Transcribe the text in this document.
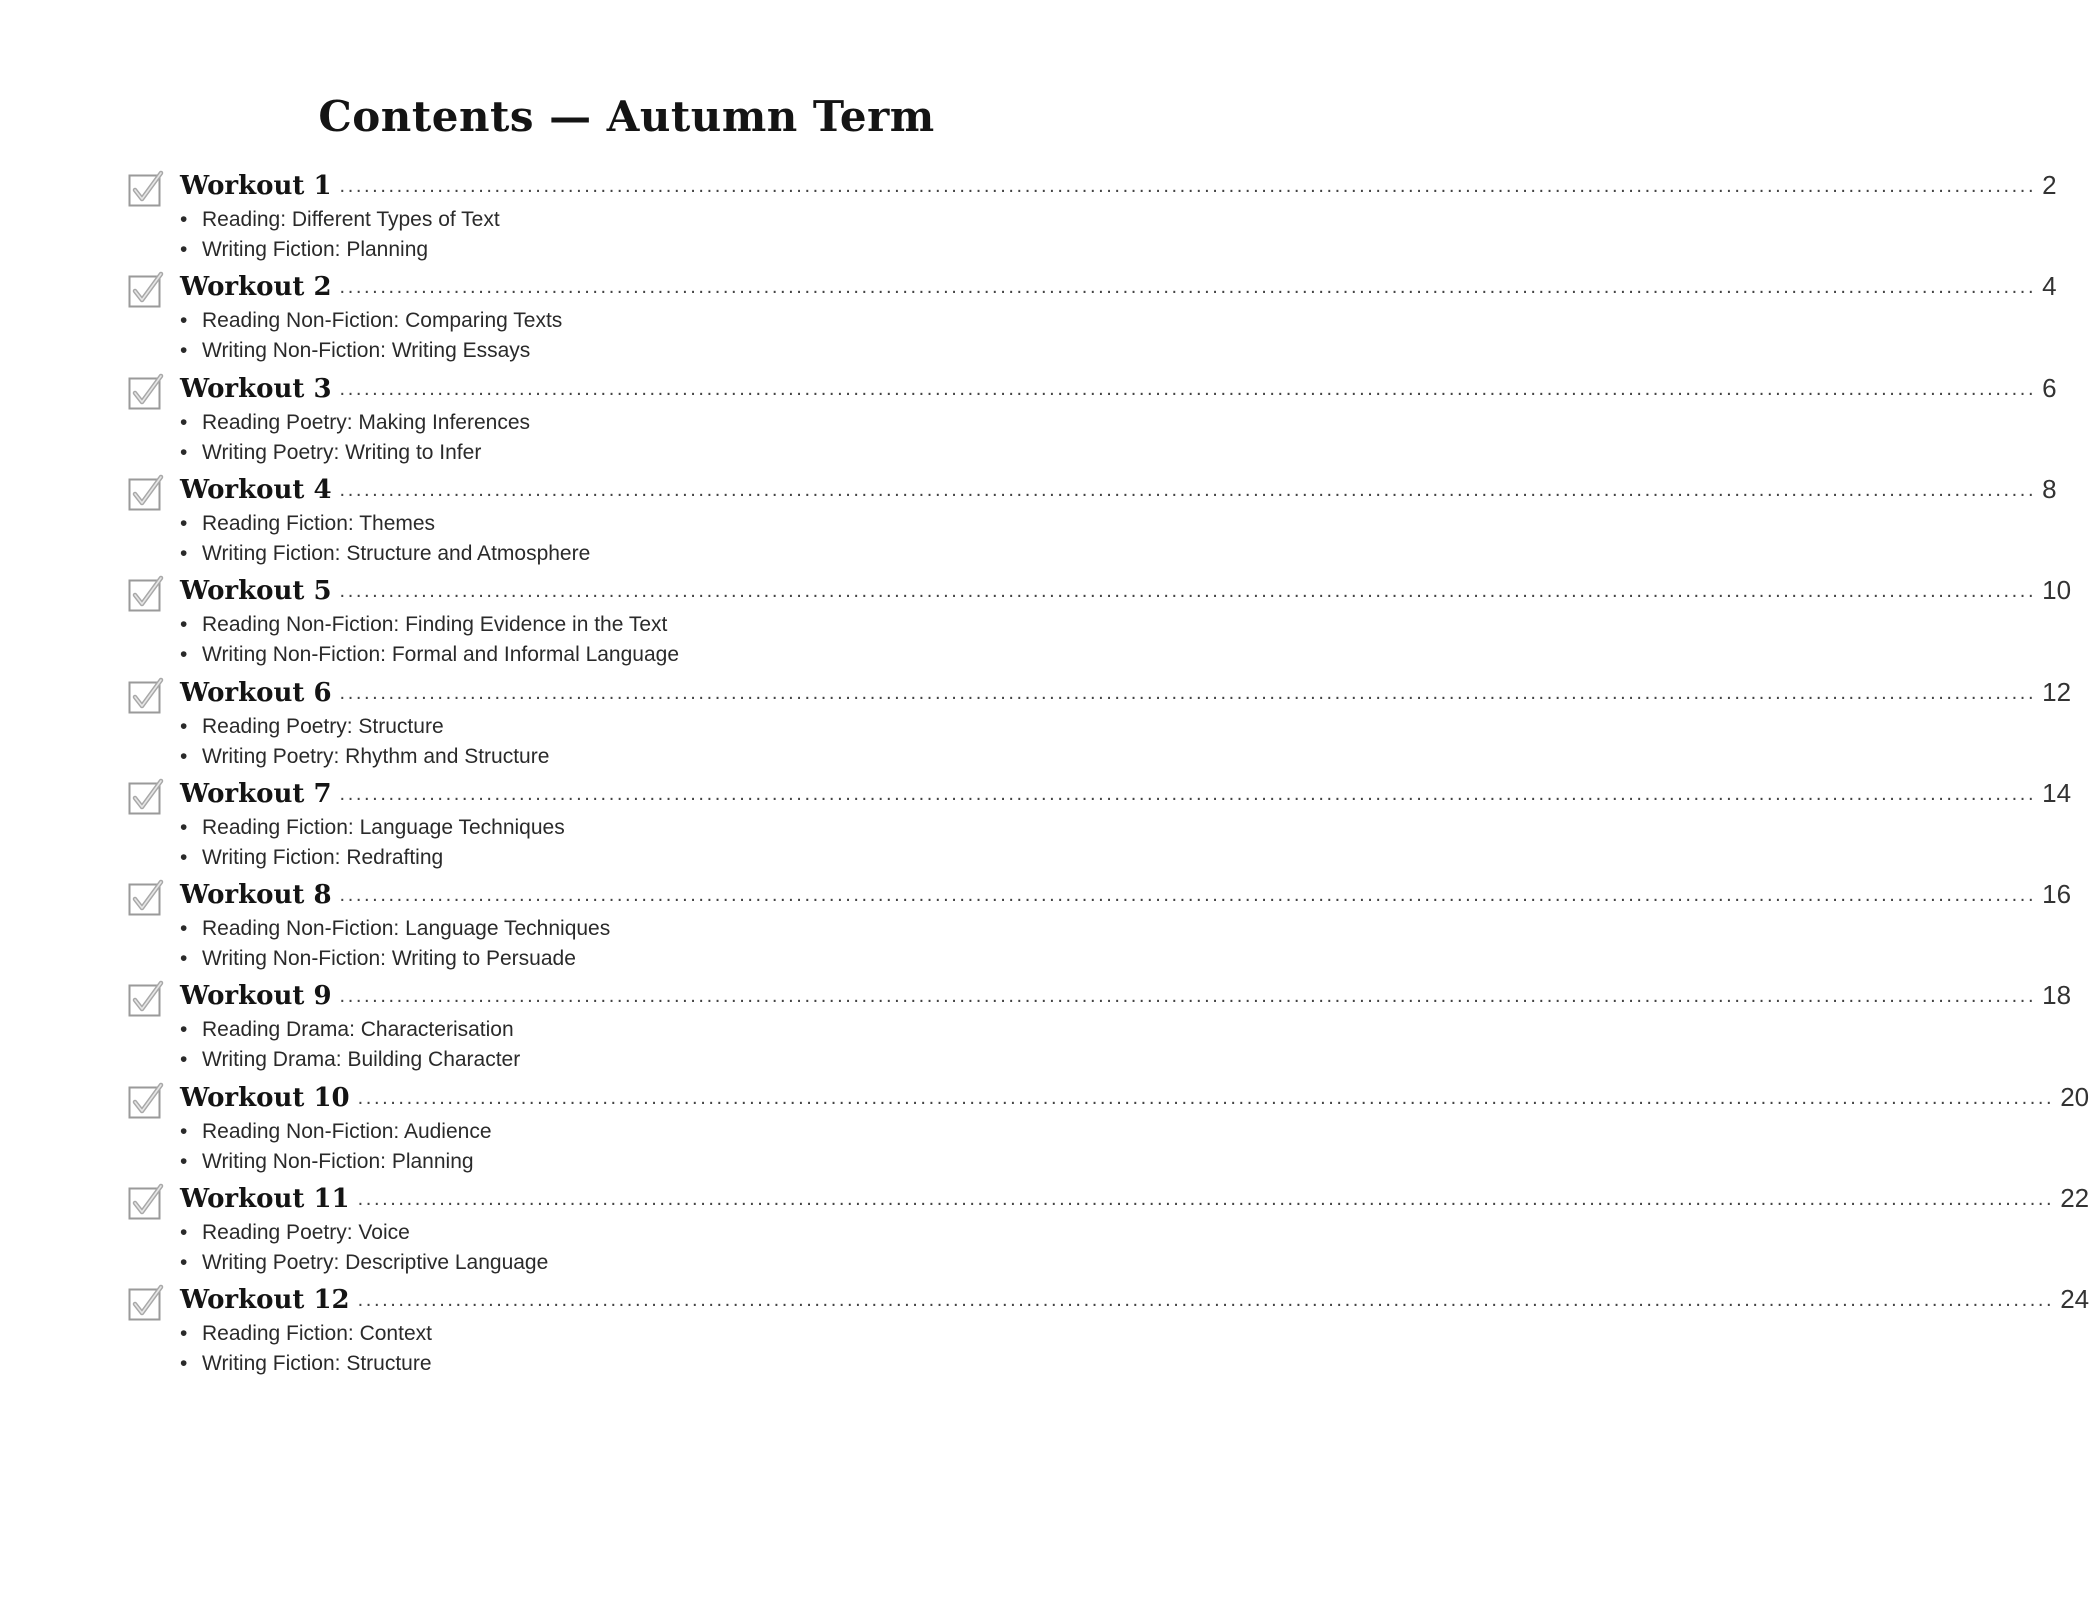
Contents — Autumn Term
Workout 1 ................................................................................................................................................................................................................ 2
• Reading: Different Types of Text
• Writing Fiction: Planning
Workout 2 ................................................................................................................................................................................................................ 4
• Reading Non-Fiction: Comparing Texts
• Writing Non-Fiction: Writing Essays
Workout 3 ................................................................................................................................................................................................................ 6
• Reading Poetry: Making Inferences
• Writing Poetry: Writing to Infer
Workout 4 ................................................................................................................................................................................................................ 8
• Reading Fiction: Themes
• Writing Fiction: Structure and Atmosphere
Workout 5 ................................................................................................................................................................................................................ 10
• Reading Non-Fiction: Finding Evidence in the Text
• Writing Non-Fiction: Formal and Informal Language
Workout 6 ................................................................................................................................................................................................................ 12
• Reading Poetry: Structure
• Writing Poetry: Rhythm and Structure
Workout 7 ................................................................................................................................................................................................................ 14
• Reading Fiction: Language Techniques
• Writing Fiction: Redrafting
Workout 8 ................................................................................................................................................................................................................ 16
• Reading Non-Fiction: Language Techniques
• Writing Non-Fiction: Writing to Persuade
Workout 9 ................................................................................................................................................................................................................ 18
• Reading Drama: Characterisation
• Writing Drama: Building Character
Workout 10 ................................................................................................................................................................................................................ 20
• Reading Non-Fiction: Audience
• Writing Non-Fiction: Planning
Workout 11 ................................................................................................................................................................................................................ 22
• Reading Poetry: Voice
• Writing Poetry: Descriptive Language
Workout 12 ................................................................................................................................................................................................................ 24
• Reading Fiction: Context
• Writing Fiction: Structure
